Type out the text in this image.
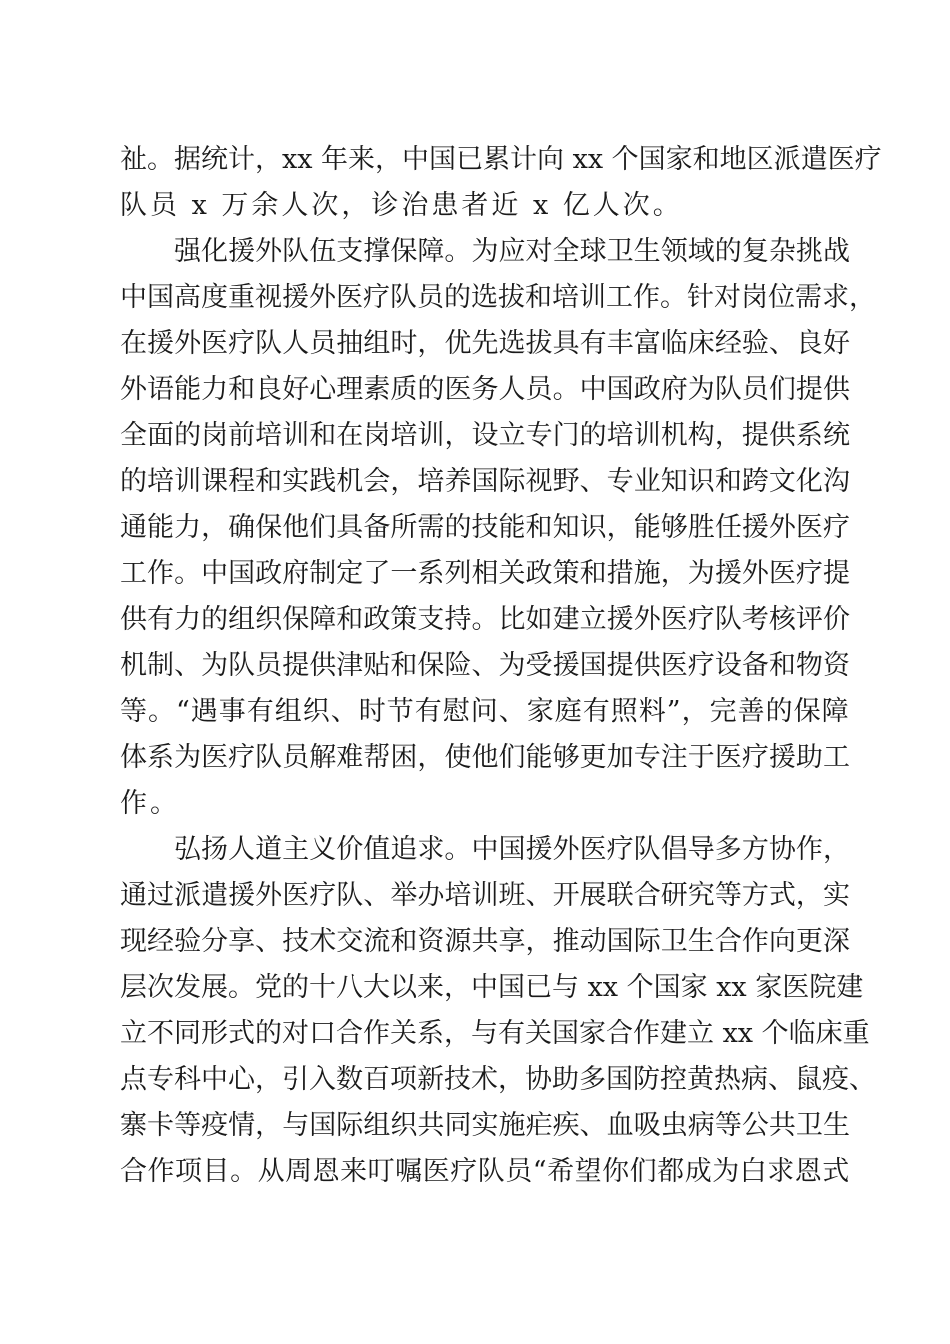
祉。据统计，xx 年来，中国已累计向 xx 个国家和地区派遣医疗
队员 x 万余人次，诊治患者近 x 亿人次。
强化援外队伍支撑保障。为应对全球卫生领域的复杂挑战
中国高度重视援外医疗队员的选拔和培训工作。针对岗位需求，
在援外医疗队人员抽组时，优先选拔具有丰富临床经验、良好
外语能力和良好心理素质的医务人员。中国政府为队员们提供
全面的岗前培训和在岗培训，设立专门的培训机构，提供系统
的培训课程和实践机会，培养国际视野、专业知识和跨文化沟
通能力，确保他们具备所需的技能和知识，能够胜任援外医疗
工作。中国政府制定了一系列相关政策和措施，为援外医疗提
供有力的组织保障和政策支持。比如建立援外医疗队考核评价
机制、为队员提供津贴和保险、为受援国提供医疗设备和物资
等。“遇事有组织、时节有慰问、家庭有照料”，完善的保障
体系为医疗队员解难帮困，使他们能够更加专注于医疗援助工
作。
弘扬人道主义价值追求。中国援外医疗队倡导多方协作，
通过派遣援外医疗队、举办培训班、开展联合研究等方式，实
现经验分享、技术交流和资源共享，推动国际卫生合作向更深
层次发展。党的十八大以来，中国已与 xx 个国家 xx 家医院建
立不同形式的对口合作关系，与有关国家合作建立 xx 个临床重
点专科中心，引入数百项新技术，协助多国防控黄热病、鼠疫、
寨卡等疫情，与国际组织共同实施疟疾、血吸虫病等公共卫生
合作项目。从周恩来叮嘱医疗队员“希望你们都成为白求恩式
